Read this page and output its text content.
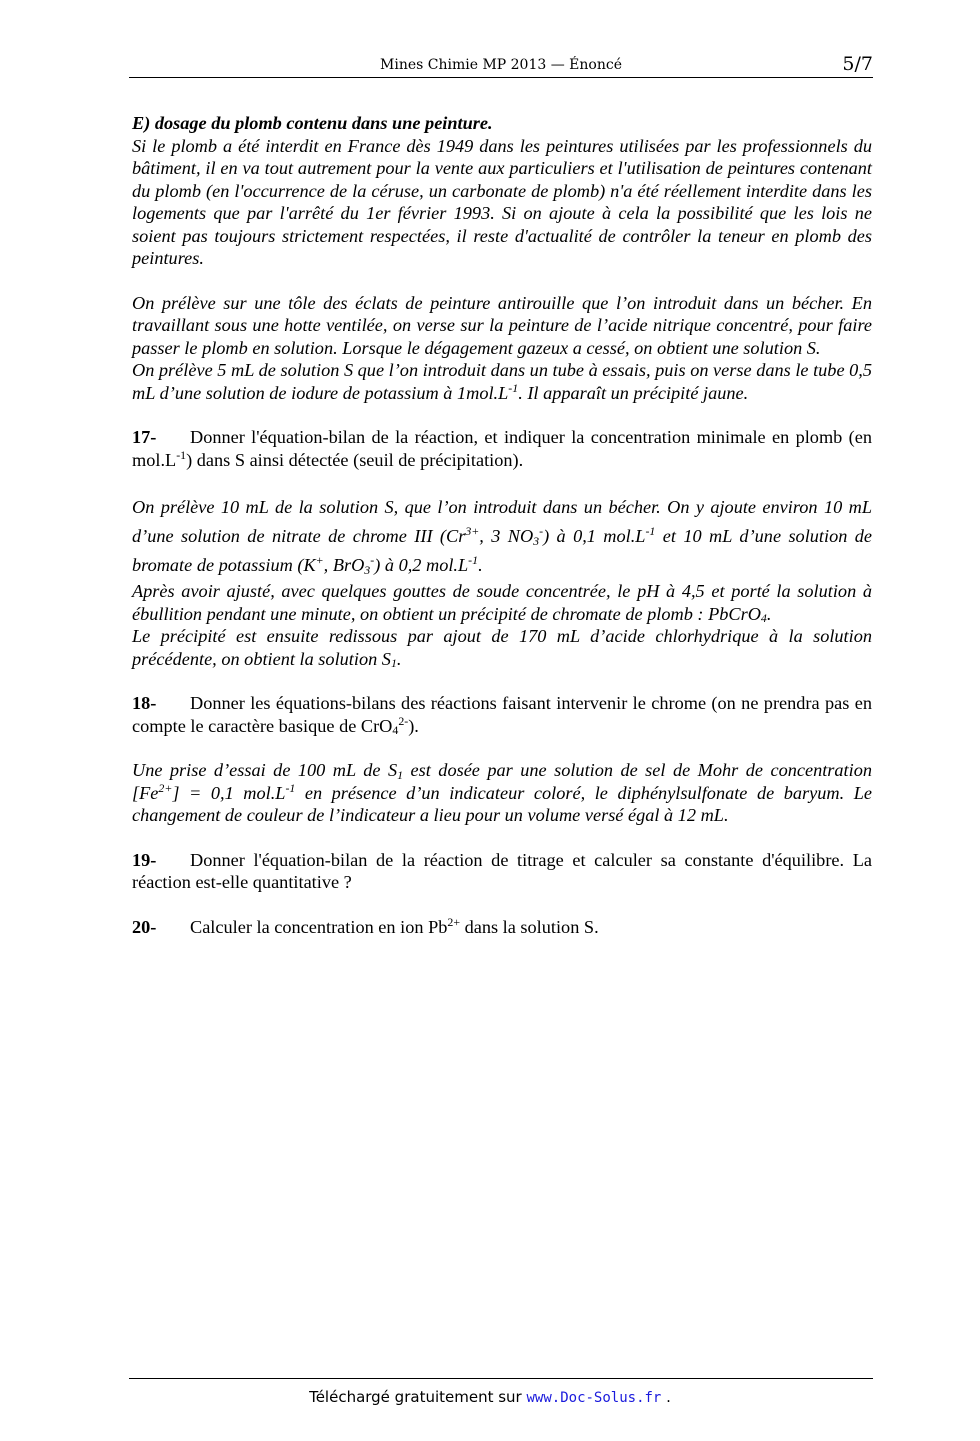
Mines Chimie MP 2013 — Énoncé	5/7

E) dosage du plomb contenu dans une peinture.

Si le plomb a été interdit en France dès 1949 dans les peintures utilisées par les professionnels du bâtiment, il en va tout autrement pour la vente aux particuliers et l'utilisation de peintures contenant du plomb (en l'occurrence de la céruse, un carbonate de plomb) n'a été réellement interdite dans les logements que par l'arrêté du 1er février 1993. Si on ajoute à cela la possibilité que les lois ne soient pas toujours strictement respectées, il reste d'actualité de contrôler la teneur en plomb des peintures.

On prélève sur une tôle des éclats de peinture antirouille que l’on introduit dans un bécher. En travaillant sous une hotte ventilée, on verse sur la peinture de l’acide nitrique concentré, pour faire passer le plomb en solution. Lorsque le dégagement gazeux a cessé, on obtient une solution S.

On prélève 5 mL de solution S que l’on introduit dans un tube à essais, puis on verse dans le tube 0,5 mL d’une solution de iodure de potassium à $1mol.L^{-1}$. Il apparaît un précipité jaune.

17- Donner l'équation-bilan de la réaction, et indiquer la concentration minimale en plomb (en $mol.L^{-1}$) dans S ainsi détectée (seuil de précipitation).

On prélève 10 mL de la solution S, que l’on introduit dans un bécher. On y ajoute environ 10 mL d’une solution de nitrate de chrome III ($Cr^{3+}$, 3 $NO_3^-$) à 0,1 $mol.L^{-1}$ et 10 mL d’une solution de bromate de potassium (K+, BrO$_3$-) à 0,2 $mol.L^{-1}$.

Après avoir ajusté, avec quelques gouttes de soude concentrée, le pH à 4,5 et porté la solution à ébullition pendant une minute, on obtient un précipité de chromate de plomb : PbCrO$_4$.

Le précipité est ensuite redissous par ajout de 170 mL d’acide chlorhydrique à la solution précédente, on obtient la solution $S_1$.

18- Donner les équations-bilans des réactions faisant intervenir le chrome (on ne prendra pas en compte le caractère basique de CrO$_4^{2-}$).

Une prise d’essai de 100 mL de $S_1$ est dosée par une solution de sel de Mohr de concentration $[Fe^{2+}] = 0,1$ $mol.L^{-1}$ en présence d’un indicateur coloré, le diphénylsulfonate de baryum. Le changement de couleur de l’indicateur a lieu pour un volume versé égal à 12 mL.

19- Donner l'équation-bilan de la réaction de titrage et calculer sa constante d'équilibre. La réaction est-elle quantitative ?

20- Calculer la concentration en ion $Pb^{2+}$ dans la solution S.

Téléchargé gratuitement sur www.Doc-Solus.fr .
